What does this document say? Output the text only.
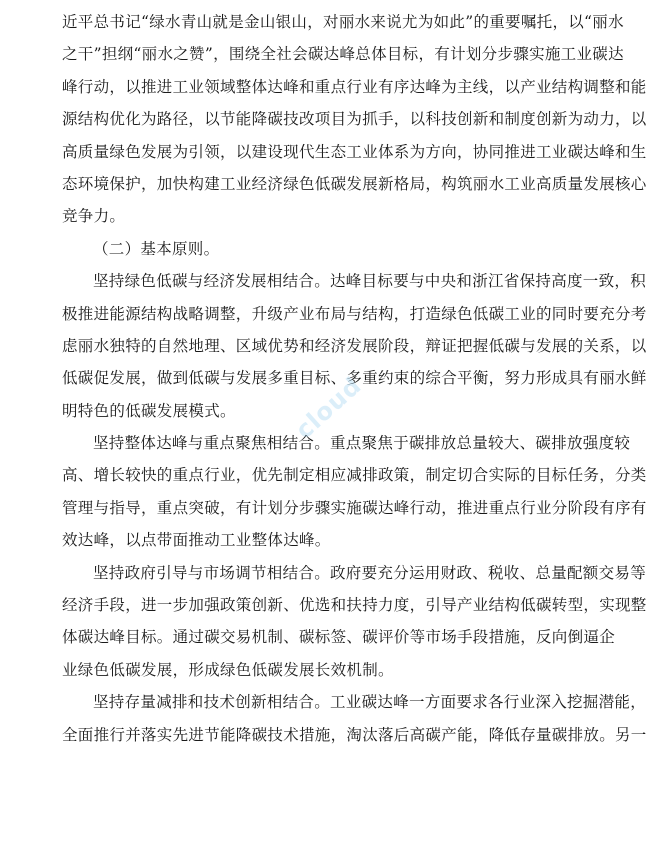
近平总书记“绿水青山就是金山银山，对丽水来说尤为如此”的重要嘱托，以“丽水
之干”担纲“丽水之赞”，围绕全社会碳达峰总体目标，有计划分步骤实施工业碳达
峰行动，以推进工业领域整体达峰和重点行业有序达峰为主线，以产业结构调整和能
源结构优化为路径，以节能降碳技改项目为抓手，以科技创新和制度创新为动力，以
高质量绿色发展为引领，以建设现代生态工业体系为方向，协同推进工业碳达峰和生
态环境保护，加快构建工业经济绿色低碳发展新格局，构筑丽水工业高质量发展核心
竞争力。
（二）基本原则。
坚持绿色低碳与经济发展相结合。达峰目标要与中央和浙江省保持高度一致，积
极推进能源结构战略调整，升级产业布局与结构，打造绿色低碳工业的同时要充分考
虑丽水独特的自然地理、区域优势和经济发展阶段，辩证把握低碳与发展的关系，以
低碳促发展，做到低碳与发展多重目标、多重约束的综合平衡，努力形成具有丽水鲜
明特色的低碳发展模式。
坚持整体达峰与重点聚焦相结合。重点聚焦于碳排放总量较大、碳排放强度较
高、增长较快的重点行业，优先制定相应减排政策，制定切合实际的目标任务，分类
管理与指导，重点突破，有计划分步骤实施碳达峰行动，推进重点行业分阶段有序有
效达峰，以点带面推动工业整体达峰。
坚持政府引导与市场调节相结合。政府要充分运用财政、税收、总量配额交易等
经济手段，进一步加强政策创新、优选和扶持力度，引导产业结构低碳转型，实现整
体碳达峰目标。通过碳交易机制、碳标签、碳评价等市场手段措施，反向倒逼企
业绿色低碳发展，形成绿色低碳发展长效机制。
坚持存量减排和技术创新相结合。工业碳达峰一方面要求各行业深入挖掘潜能，
全面推行并落实先进节能降碳技术措施，淘汰落后高碳产能，降低存量碳排放。另一
cloud
